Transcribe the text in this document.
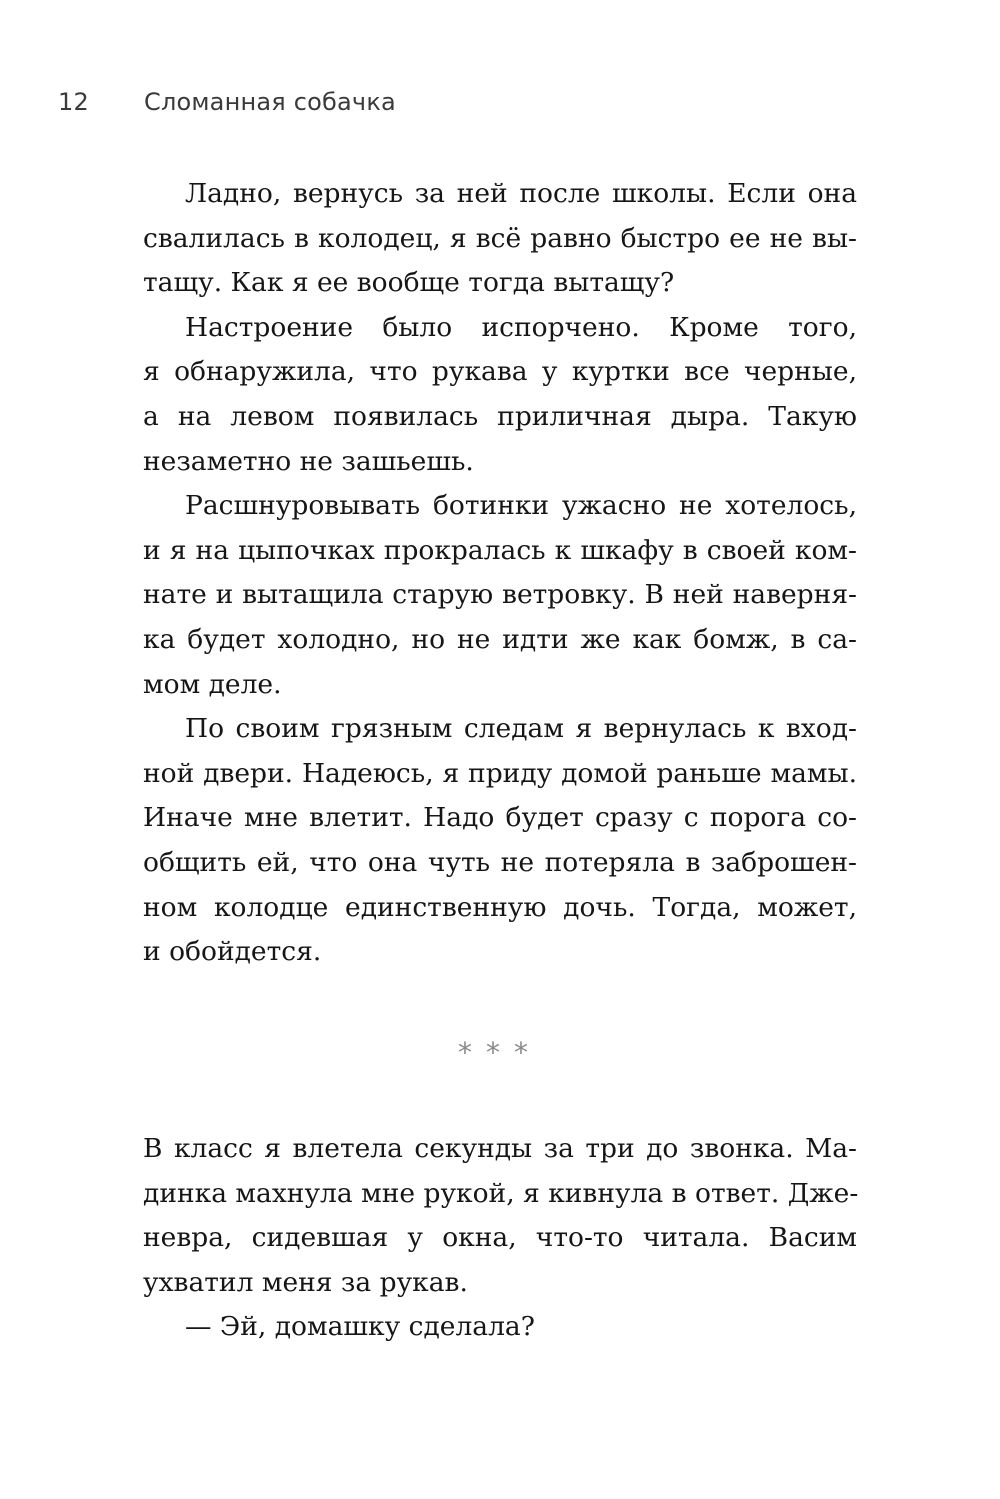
12 Сломанная собачка

Ладно, вернусь за ней после школы. Если она
свалилась в колодец, я всё равно быстро ее не вы-
тащу. Как я ее вообще тогда вытащу?

Настроение было испорчено. Кроме того,
я обнаружила, что рукава у куртки все черные,
а на левом появилась приличная дыра. Такую
незаметно не зашьешь.

Расшнуровывать ботинки ужасно не хотелось,
и я на цыпочках прокралась к шкафу в своей ком-
нате и вытащила старую ветровку. В ней наверня-
ка будет холодно, но не идти же как бомж, в са-
мом деле.

По своим грязным следам я вернулась к вход-
ной двери. Надеюсь, я приду домой раньше мамы.
Иначе мне влетит. Надо будет сразу с порога со-
общить ей, что она чуть не потеряла в заброшен-
ном колодце единственную дочь. Тогда, может,
и обойдется.

***

В класс я влетела секунды за три до звонка. Ма-
динка махнула мне рукой, я кивнула в ответ. Дже-
невра, сидевшая у окна, что-то читала. Васим
ухватил меня за рукав.

— Эй, домашку сделала?
